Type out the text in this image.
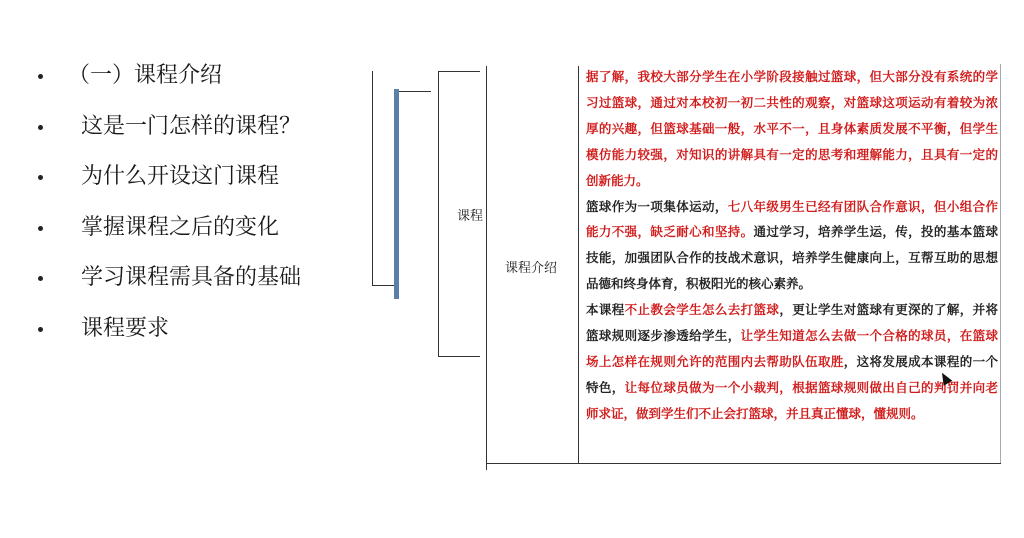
（一）课程介绍
这是一门怎样的课程？
为什么开设这门课程
掌握课程之后的变化
学习课程需具备的基础
课程要求
课程
课程介绍

据了解，我校大部分学生在小学阶段接触过篮球，但大部分没有系统的学习过篮球，通过对本校初一初二共性的观察，对篮球这项运动有着较为浓厚的兴趣，但篮球基础一般，水平不一，且身体素质发展不平衡，但学生模仿能力较强，对知识的讲解具有一定的思考和理解能力，且具有一定的创新能力。

篮球作为一项集体运动，七八年级男生已经有团队合作意识，但小组合作能力不强，缺乏耐心和坚持。通过学习，培养学生运，传，投的基本篮球技能，加强团队合作的技战术意识，培养学生健康向上，互帮互助的思想品德和终身体育，积极阳光的核心素养。

本课程不止教会学生怎么去打篮球，更让学生对篮球有更深的了解，并将篮球规则逐步渗透给学生，让学生知道怎么去做一个合格的球员，在篮球场上怎样在规则允许的范围内去帮助队伍取胜，这将发展成本课程的一个特色，让每位球员做为一个小裁判，根据篮球规则做出自己的判罚并向老师求证，做到学生们不止会打篮球，并且真正懂球，懂规则。
